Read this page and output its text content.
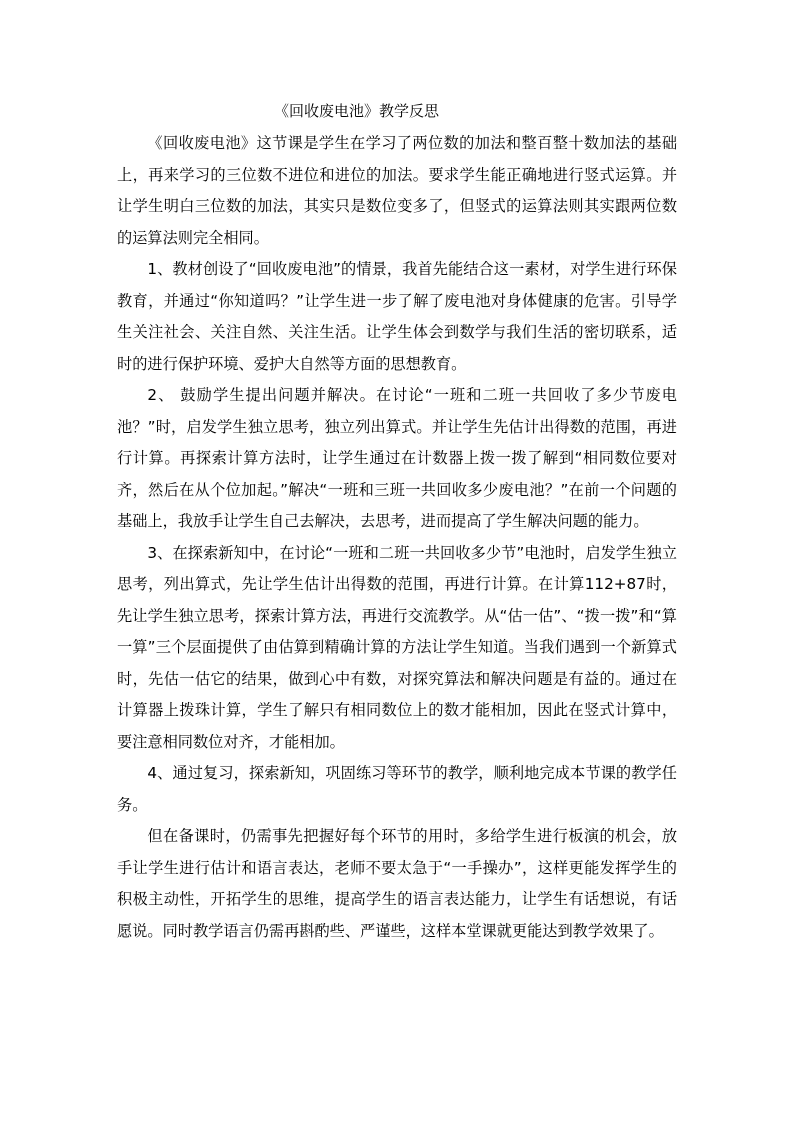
《回收废电池》教学反思

《回收废电池》这节课是学生在学习了两位数的加法和整百整十数加法的基础上，再来学习的三位数不进位和进位的加法。要求学生能正确地进行竖式运算。并让学生明白三位数的加法，其实只是数位变多了，但竖式的运算法则其实跟两位数的运算法则完全相同。

1、教材创设了“回收废电池”的情景，我首先能结合这一素材，对学生进行环保教育，并通过“你知道吗？”让学生进一步了解了废电池对身体健康的危害。引导学生关注社会、关注自然、关注生活。让学生体会到数学与我们生活的密切联系，适时的进行保护环境、爱护大自然等方面的思想教育。

2、 鼓励学生提出问题并解决。在讨论“一班和二班一共回收了多少节废电池？”时，启发学生独立思考，独立列出算式。并让学生先估计出得数的范围，再进行计算。再探索计算方法时，让学生通过在计数器上拨一拨了解到“相同数位要对齐，然后在从个位加起。”解决“一班和三班一共回收多少废电池？”在前一个问题的基础上，我放手让学生自己去解决，去思考，进而提高了学生解决问题的能力。

3、在探索新知中，在讨论“一班和二班一共回收多少节”电池时，启发学生独立思考，列出算式，先让学生估计出得数的范围，再进行计算。在计算112+87时，先让学生独立思考，探索计算方法，再进行交流教学。从“估一估”、“拨一拨”和“算一算”三个层面提供了由估算到精确计算的方法让学生知道。当我们遇到一个新算式时，先估一估它的结果，做到心中有数，对探究算法和解决问题是有益的。通过在计算器上拨珠计算，学生了解只有相同数位上的数才能相加，因此在竖式计算中，要注意相同数位对齐，才能相加。

4、通过复习，探索新知，巩固练习等环节的教学，顺利地完成本节课的教学任务。

但在备课时，仍需事先把握好每个环节的用时，多给学生进行板演的机会，放手让学生进行估计和语言表达，老师不要太急于“一手操办”，这样更能发挥学生的积极主动性，开拓学生的思维，提高学生的语言表达能力，让学生有话想说，有话愿说。同时教学语言仍需再斟酌些、严谨些，这样本堂课就更能达到教学效果了。
